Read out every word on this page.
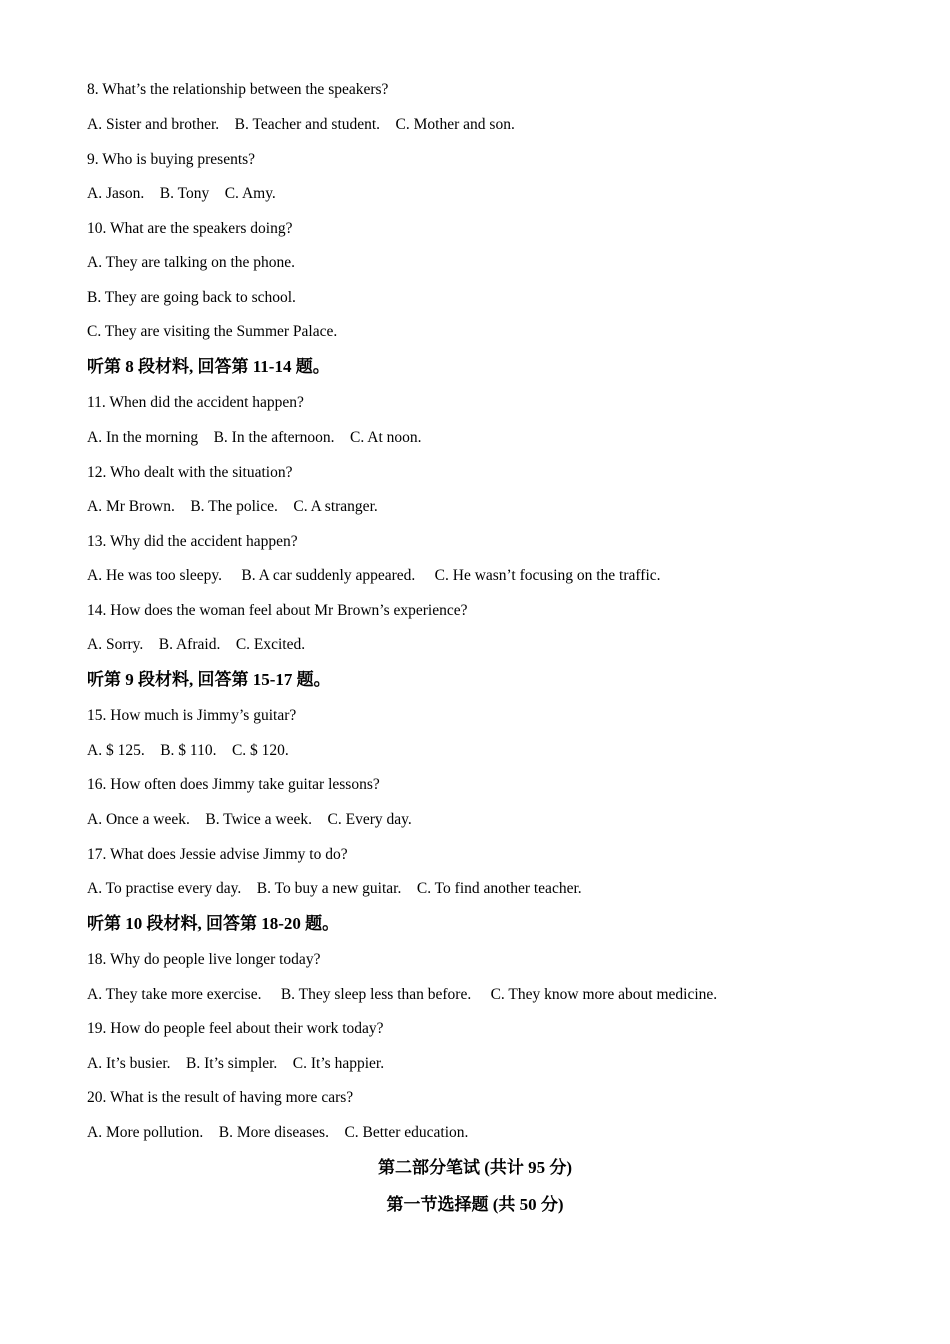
8. What’s the relationship between the speakers?
A. Sister and brother.    B. Teacher and student.    C. Mother and son.
9. Who is buying presents?
A. Jason.    B. Tony    C. Amy.
10. What are the speakers doing?
A. They are talking on the phone.
B. They are going back to school.
C. They are visiting the Summer Palace.
听第 8 段材料, 回答第 11-14 题。
11. When did the accident happen?
A. In the morning    B. In the afternoon.    C. At noon.
12. Who dealt with the situation?
A. Mr Brown.    B. The police.    C. A stranger.
13. Why did the accident happen?
A. He was too sleepy.     B. A car suddenly appeared.     C. He wasn’t focusing on the traffic.
14. How does the woman feel about Mr Brown’s experience?
A. Sorry.    B. Afraid.    C. Excited.
听第 9 段材料, 回答第 15-17 题。
15. How much is Jimmy’s guitar?
A. $ 125.    B. $ 110.    C. $ 120.
16. How often does Jimmy take guitar lessons?
A. Once a week.    B. Twice a week.    C. Every day.
17. What does Jessie advise Jimmy to do?
A. To practise every day.    B. To buy a new guitar.    C. To find another teacher.
听第 10 段材料, 回答第 18-20 题。
18. Why do people live longer today?
A. They take more exercise.     B. They sleep less than before.     C. They know more about medicine.
19. How do people feel about their work today?
A. It’s busier.    B. It’s simpler.    C. It’s happier.
20. What is the result of having more cars?
A. More pollution.    B. More diseases.    C. Better education.
第二部分笔试 (共计 95 分)
第一节选择题 (共 50 分)
